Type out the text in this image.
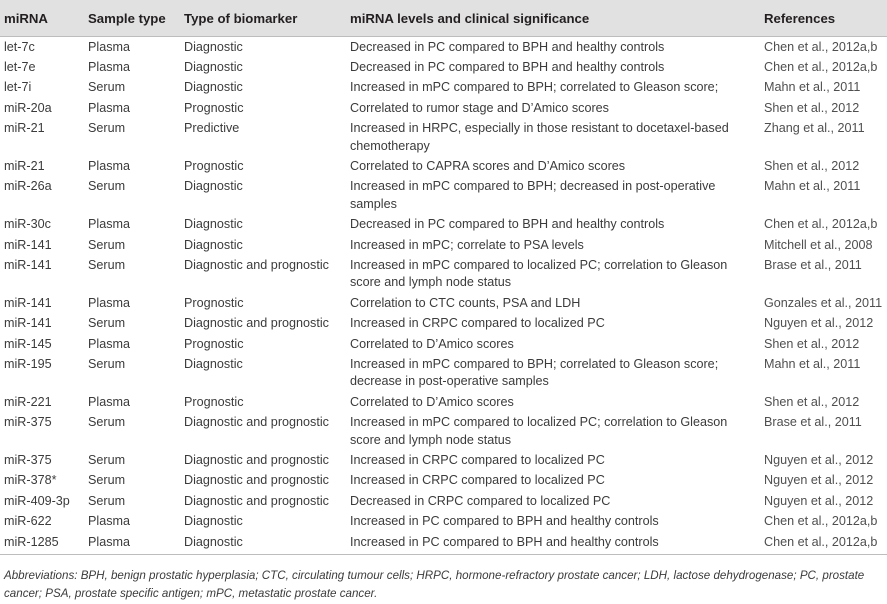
miRNA	Sample type	Type of biomarker	miRNA levels and clinical significance	References
let-7c	Plasma	Diagnostic	Decreased in PC compared to BPH and healthy controls	Chen et al., 2012a,b
let-7e	Plasma	Diagnostic	Decreased in PC compared to BPH and healthy controls	Chen et al., 2012a,b
let-7i	Serum	Diagnostic	Increased in mPC compared to BPH; correlated to Gleason score;	Mahn et al., 2011
miR-20a	Plasma	Prognostic	Correlated to rumor stage and D’Amico scores	Shen et al., 2012
miR-21	Serum	Predictive	Increased in HRPC, especially in those resistant to docetaxel-based chemotherapy	Zhang et al., 2011
miR-21	Plasma	Prognostic	Correlated to CAPRA scores and D’Amico scores	Shen et al., 2012
miR-26a	Serum	Diagnostic	Increased in mPC compared to BPH; decreased in post-operative samples	Mahn et al., 2011
miR-30c	Plasma	Diagnostic	Decreased in PC compared to BPH and healthy controls	Chen et al., 2012a,b
miR-141	Serum	Diagnostic	Increased in mPC; correlate to PSA levels	Mitchell et al., 2008
miR-141	Serum	Diagnostic and prognostic	Increased in mPC compared to localized PC; correlation to Gleason score and lymph node status	Brase et al., 2011
miR-141	Plasma	Prognostic	Correlation to CTC counts, PSA and LDH	Gonzales et al., 2011
miR-141	Serum	Diagnostic and prognostic	Increased in CRPC compared to localized PC	Nguyen et al., 2012
miR-145	Plasma	Prognostic	Correlated to D’Amico scores	Shen et al., 2012
miR-195	Serum	Diagnostic	Increased in mPC compared to BPH; correlated to Gleason score; decrease in post-operative samples	Mahn et al., 2011
miR-221	Plasma	Prognostic	Correlated to D’Amico scores	Shen et al., 2012
miR-375	Serum	Diagnostic and prognostic	Increased in mPC compared to localized PC; correlation to Gleason score and lymph node status	Brase et al., 2011
miR-375	Serum	Diagnostic and prognostic	Increased in CRPC compared to localized PC	Nguyen et al., 2012
miR-378*	Serum	Diagnostic and prognostic	Increased in CRPC compared to localized PC	Nguyen et al., 2012
miR-409-3p	Serum	Diagnostic and prognostic	Decreased in CRPC compared to localized PC	Nguyen et al., 2012
miR-622	Plasma	Diagnostic	Increased in PC compared to BPH and healthy controls	Chen et al., 2012a,b
miR-1285	Plasma	Diagnostic	Increased in PC compared to BPH and healthy controls	Chen et al., 2012a,b
Abbreviations: BPH, benign prostatic hyperplasia; CTC, circulating tumour cells; HRPC, hormone-refractory prostate cancer; LDH, lactose dehydrogenase; PC, prostate cancer; PSA, prostate specific antigen; mPC, metastatic prostate cancer.
